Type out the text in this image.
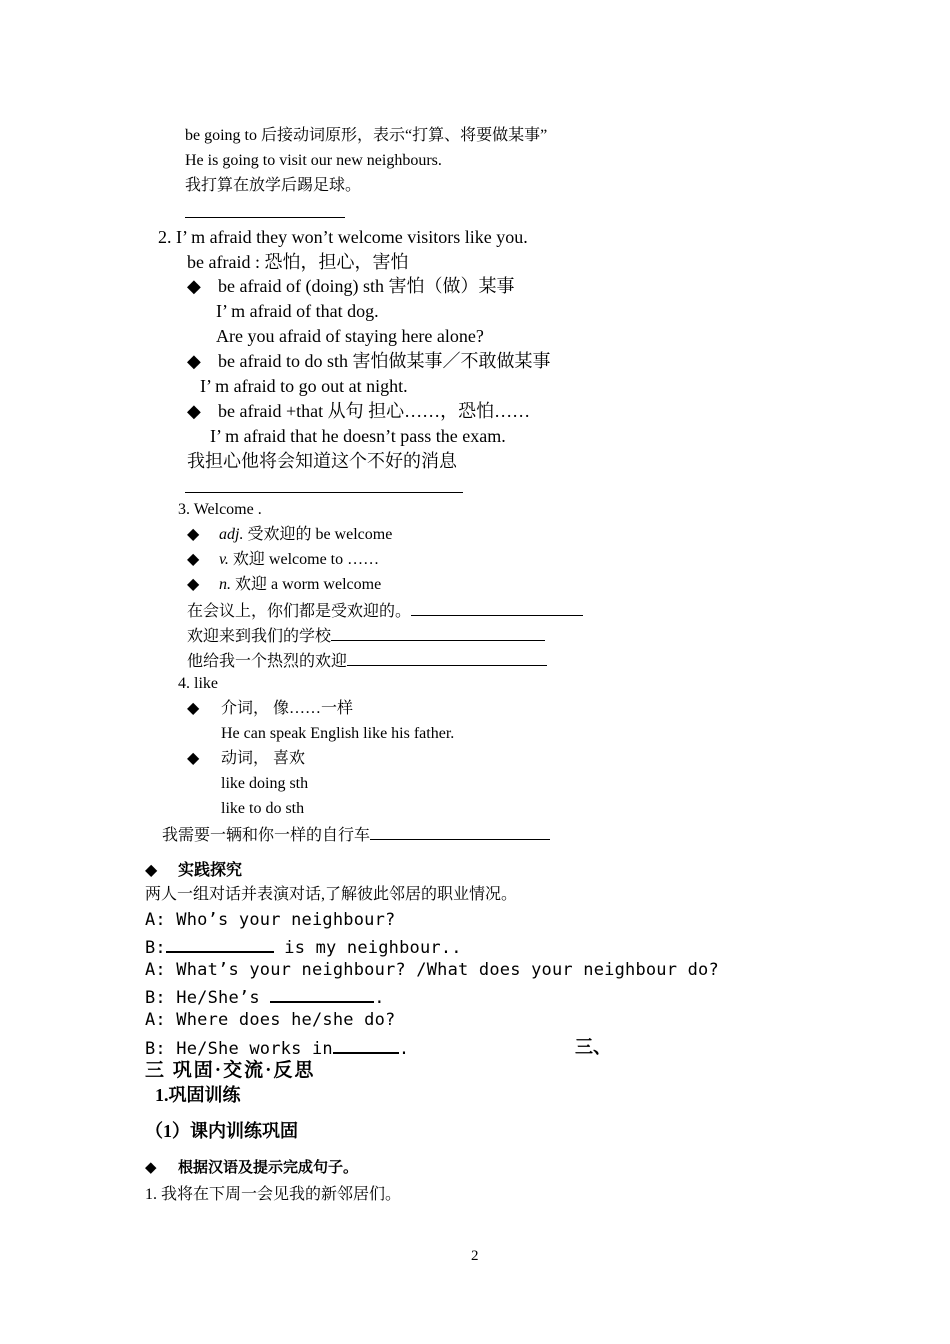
be going to 后接动词原形，表示“打算、将要做某事”
He is going to visit our new neighbours.
我打算在放学后踢足球。
2. I’ m afraid they won’t welcome visitors like you.
be afraid : 恐怕，担心，害怕
◆ be afraid of (doing) sth 害怕（做）某事
I’ m afraid of that dog.
Are you afraid of staying here alone?
◆ be afraid to do sth 害怕做某事／不敢做某事
I’ m afraid to go out at night.
◆ be afraid +that 从句 担心……，恐怕……
I’ m afraid that he doesn’t pass the exam.
我担心他将会知道这个不好的消息
3. Welcome .
◆ adj. 受欢迎的 be welcome
◆ v. 欢迎 welcome to ……
◆ n. 欢迎 a worm welcome
在会议上，你们都是受欢迎的。
欢迎来到我们的学校
他给我一个热烈的欢迎
4. like
◆ 介词， 像……一样
He can speak English like his father.
◆ 动词， 喜欢
like doing sth
like to do sth
我需要一辆和你一样的自行车
◆ 实践探究
两人一组对话并表演对话,了解彼此邻居的职业情况。
A: Who’s your neighbour?
B:	is my neighbour..
A: What’s your neighbour? /What does your neighbour do?
B: He/She’s	.
A: Where does he/she do?
B: He/She works in	.	三、
三 巩固·交流·反思
1.巩固训练
（1）课内训练巩固
◆ 根据汉语及提示完成句子。
1. 我将在下周一会见我的新邻居们。
2
